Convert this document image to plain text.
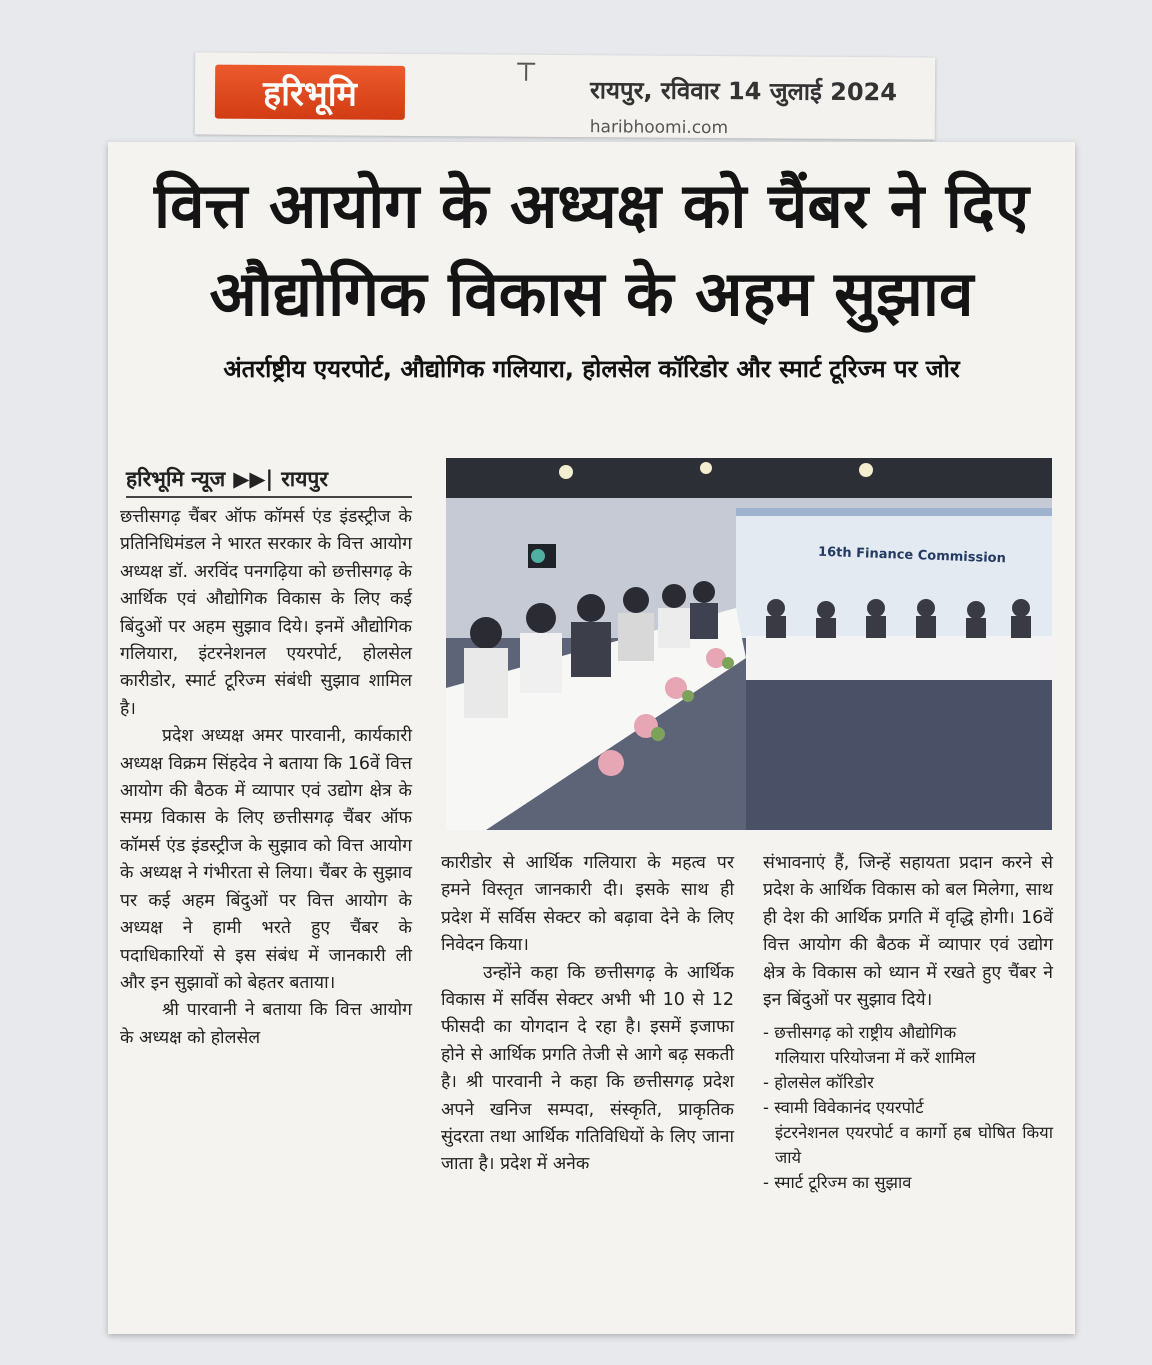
हरिभूमि	रायपुर, रविवार 14 जुलाई 2024
haribhoomi.com
वित्त आयोग के अध्यक्ष को चैंबर ने दिए
औद्योगिक विकास के अहम सुझाव
अंतर्राष्ट्रीय एयरपोर्ट, औद्योगिक गलियारा, होलसेल कॉरिडोर और स्मार्ट टूरिज्म पर जोर
हरिभूमि न्यूज ▶▶| रायपुर

छत्तीसगढ़ चैंबर ऑफ कॉमर्स एंड इंडस्ट्रीज के प्रतिनिधिमंडल ने भारत सरकार के वित्त आयोग अध्यक्ष डॉ. अरविंद पनगढ़िया को छत्तीसगढ़ के आर्थिक एवं औद्योगिक विकास के लिए कई बिंदुओं पर अहम सुझाव दिये। इनमें औद्योगिक गलियारा, इंटरनेशनल एयरपोर्ट, होलसेल कारीडोर, स्मार्ट टूरिज्म संबंधी सुझाव शामिल है।

प्रदेश अध्यक्ष अमर पारवानी, कार्यकारी अध्यक्ष विक्रम सिंहदेव ने बताया कि 16वें वित्त आयोग की बैठक में व्यापार एवं उद्योग क्षेत्र के समग्र विकास के लिए छत्तीसगढ़ चैंबर ऑफ कॉमर्स एंड इंडस्ट्रीज के सुझाव को वित्त आयोग के अध्यक्ष ने गंभीरता से लिया। चैंबर के सुझाव पर कई अहम बिंदुओं पर वित्त आयोग के अध्यक्ष ने हामी भरते हुए चैंबर के पदाधिकारियों से इस संबंध में जानकारी ली और इन सुझावों को बेहतर बताया।

श्री पारवानी ने बताया कि वित्त आयोग के अध्यक्ष को होलसेल

16th Finance Commission

कारीडोर से आर्थिक गलियारा के महत्व पर हमने विस्तृत जानकारी दी। इसके साथ ही प्रदेश में सर्विस सेक्टर को बढ़ावा देने के लिए निवेदन किया।

उन्होंने कहा कि छत्तीसगढ़ के आर्थिक विकास में सर्विस सेक्टर अभी भी 10 से 12 फीसदी का योगदान दे रहा है। इसमें इजाफा होने से आर्थिक प्रगति तेजी से आगे बढ़ सकती है। श्री पारवानी ने कहा कि छत्तीसगढ़ प्रदेश अपने खनिज सम्पदा, संस्कृति, प्राकृतिक सुंदरता तथा आर्थिक गतिविधियों के लिए जाना जाता है। प्रदेश में अनेक

संभावनाएं हैं, जिन्हें सहायता प्रदान करने से प्रदेश के आर्थिक विकास को बल मिलेगा, साथ ही देश की आर्थिक प्रगति में वृद्धि होगी। 16वें वित्त आयोग की बैठक में व्यापार एवं उद्योग क्षेत्र के विकास को ध्यान में रखते हुए चैंबर ने इन बिंदुओं पर सुझाव दिये।

- छत्तीसगढ़ को राष्ट्रीय औद्योगिक
गलियारा परियोजना में करें शामिल
- होलसेल कॉरिडोर
- स्वामी विवेकानंद एयरपोर्ट
इंटरनेशनल एयरपोर्ट व कार्गो हब घोषित किया जाये
- स्मार्ट टूरिज्म का सुझाव
